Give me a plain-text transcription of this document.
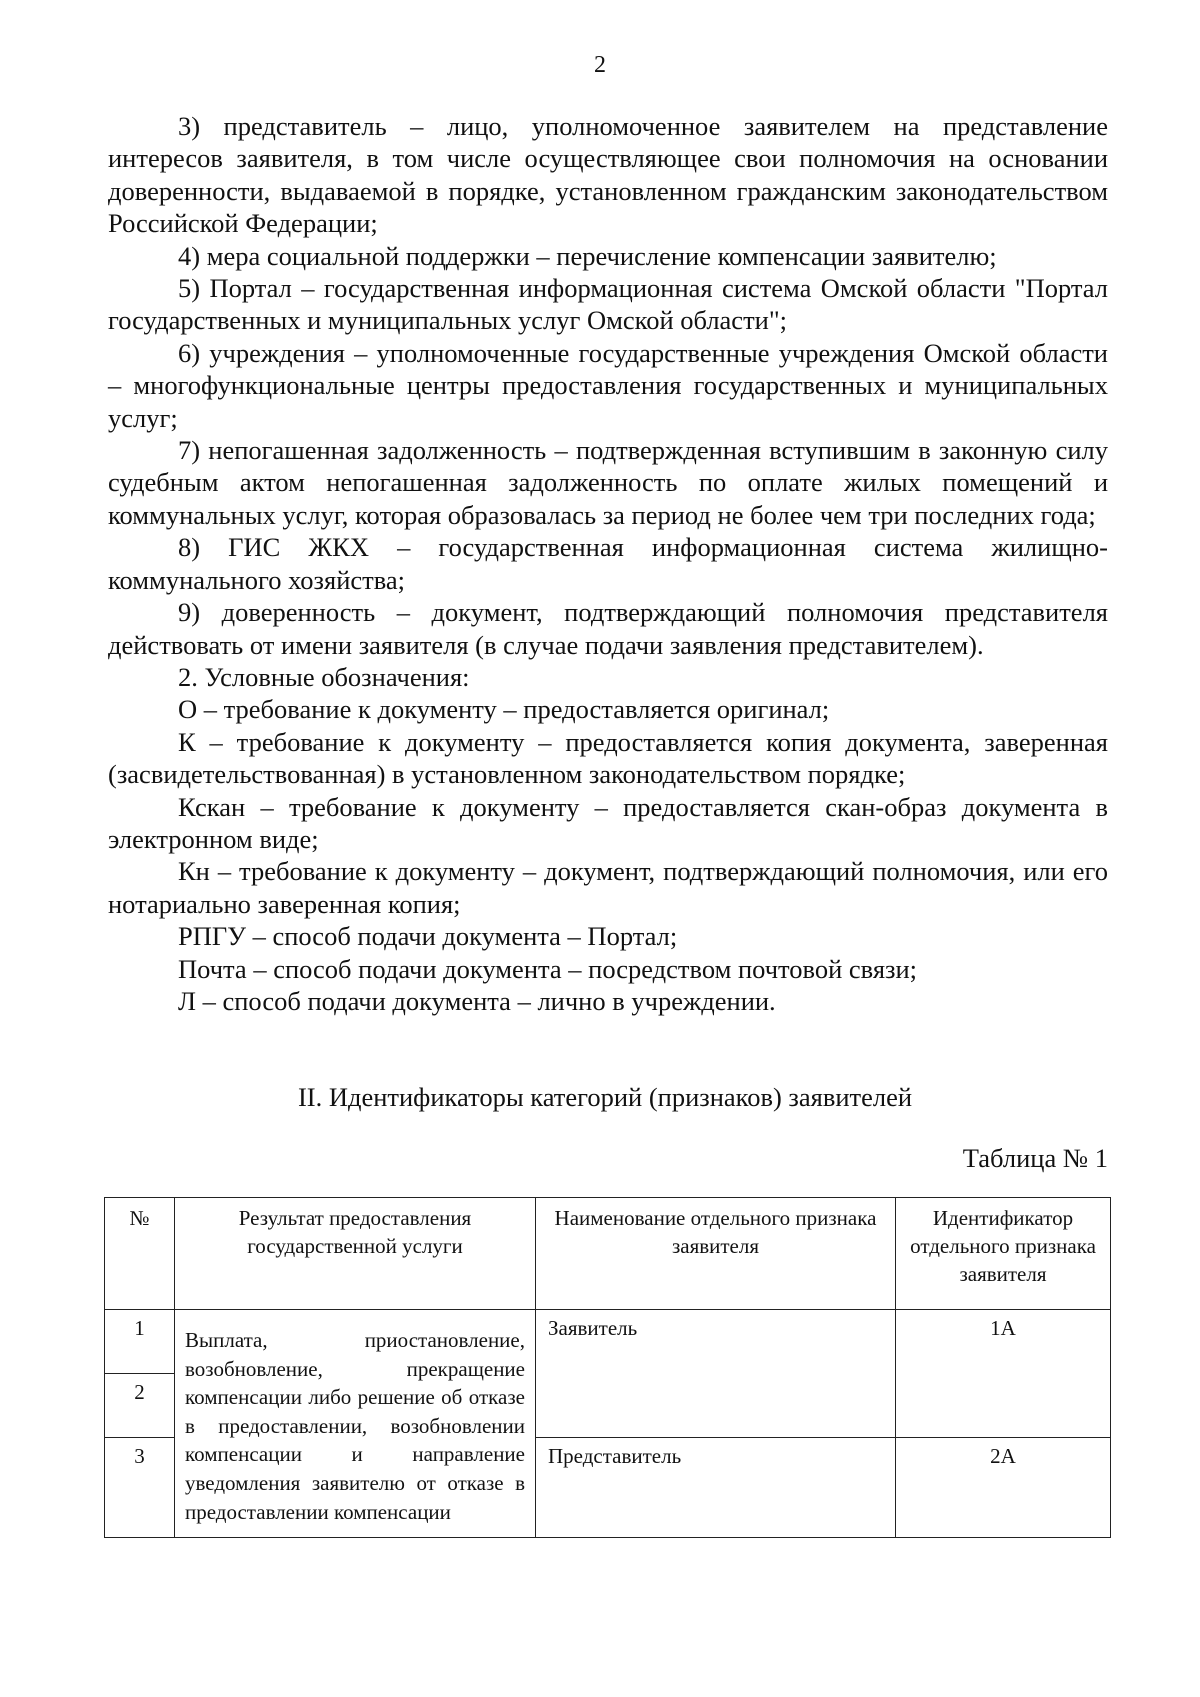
2

3) представитель – лицо, уполномоченное заявителем на представление интересов заявителя, в том числе осуществляющее свои полномочия на основании доверенности, выдаваемой в порядке, установленном гражданским законодательством Российской Федерации;

4) мера социальной поддержки – перечисление компенсации заявителю;

5) Портал – государственная информационная система Омской области "Портал государственных и муниципальных услуг Омской области";

6) учреждения – уполномоченные государственные учреждения Омской области – многофункциональные центры предоставления государственных и муниципальных услуг;

7) непогашенная задолженность – подтвержденная вступившим в законную силу судебным актом непогашенная задолженность по оплате жилых помещений и коммунальных услуг, которая образовалась за период не более чем три последних года;

8) ГИС ЖКХ – государственная информационная система жилищно-коммунального хозяйства;

9) доверенность – документ, подтверждающий полномочия представителя действовать от имени заявителя (в случае подачи заявления представителем).

2. Условные обозначения:

О – требование к документу – предоставляется оригинал;

К – требование к документу – предоставляется копия документа, заверенная (засвидетельствованная) в установленном законодательством порядке;

Кскан – требование к документу – предоставляется скан-образ документа в электронном виде;

Кн – требование к документу – документ, подтверждающий полномочия, или его нотариально заверенная копия;

РПГУ – способ подачи документа – Портал;

Почта – способ подачи документа – посредством почтовой связи;

Л – способ подачи документа – лично в учреждении.

II. Идентификаторы категорий (признаков) заявителей
Таблица № 1
№	Результат предоставления государственной услуги	Наименование отдельного признака заявителя	Идентификатор отдельного признака заявителя
1	Выплата, приостановление, возобновление, прекращение компенсации либо решение об отказе в предоставлении, возобновлении компенсации и направление уведомления заявителю от отказе в предоставлении компенсации	Заявитель	1А
2			
3		Представитель	2А
